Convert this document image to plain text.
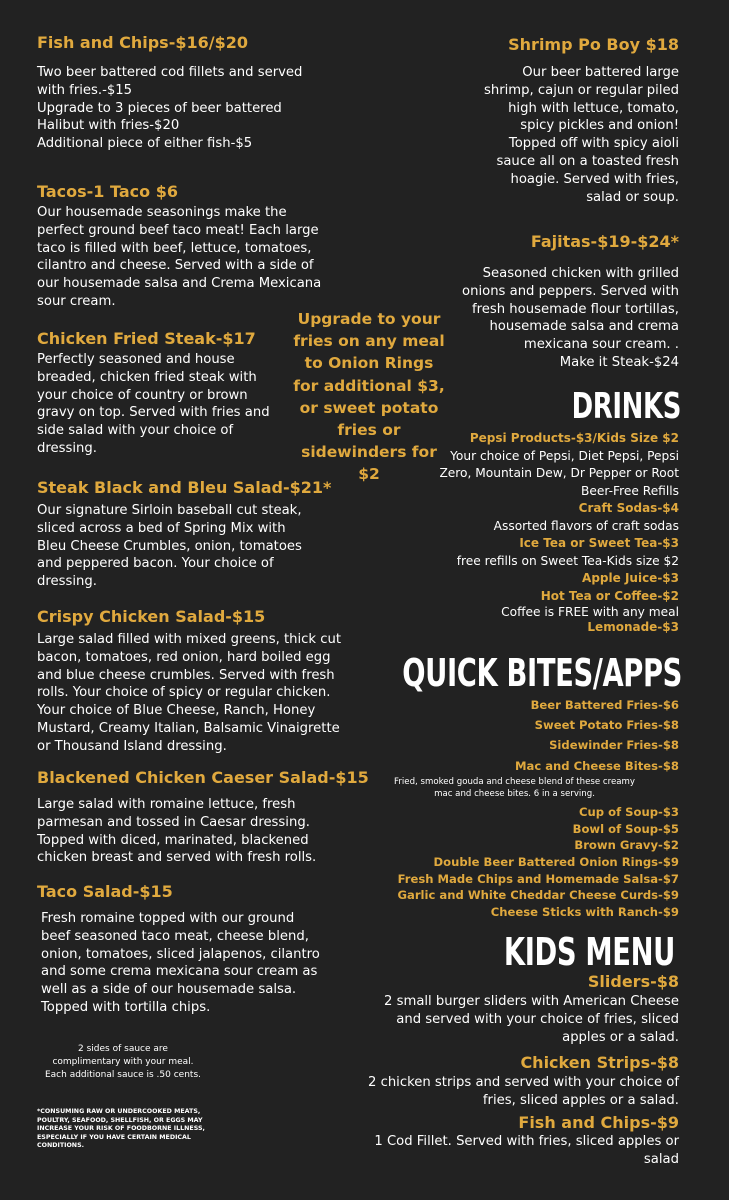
Fish and Chips-$16/$20
Two beer battered cod fillets and served
with fries.-$15
Upgrade to 3 pieces of beer battered
Halibut with fries-$20
Additional piece of either fish-$5
Tacos-1 Taco $6
Our housemade seasonings make the
perfect ground beef taco meat! Each large
taco is filled with beef, lettuce, tomatoes,
cilantro and cheese. Served with a side of
our housemade salsa and Crema Mexicana
sour cream.
Chicken Fried Steak-$17
Perfectly seasoned and house
breaded, chicken fried steak with
your choice of country or brown
gravy on top. Served with fries and
side salad with your choice of
dressing.
Steak Black and Bleu Salad-$21*
Our signature Sirloin baseball cut steak,
sliced across a bed of Spring Mix with
Bleu Cheese Crumbles, onion, tomatoes
and peppered bacon. Your choice of
dressing.
Crispy Chicken Salad-$15
Large salad filled with mixed greens, thick cut
bacon, tomatoes, red onion, hard boiled egg
and blue cheese crumbles. Served with fresh
rolls. Your choice of spicy or regular chicken.
Your choice of Blue Cheese, Ranch, Honey
Mustard, Creamy Italian, Balsamic Vinaigrette
or Thousand Island dressing.
Blackened Chicken Caeser Salad-$15
Large salad with romaine lettuce, fresh
parmesan and tossed in Caesar dressing.
Topped with diced, marinated, blackened
chicken breast and served with fresh rolls.
Taco Salad-$15
Fresh romaine topped with our ground
beef seasoned taco meat, cheese blend,
onion, tomatoes, sliced jalapenos, cilantro
and some crema mexicana sour cream as
well as a side of our housemade salsa.
Topped with tortilla chips.
2 sides of sauce are
complimentary with your meal.
Each additional sauce is .50 cents.
*CONSUMING RAW OR UNDERCOOKED MEATS,
POULTRY, SEAFOOD, SHELLFISH, OR EGGS MAY
INCREASE YOUR RISK OF FOODBORNE ILLNESS,
ESPECIALLY IF YOU HAVE CERTAIN MEDICAL
CONDITIONS.
Upgrade to your
fries on any meal
to Onion Rings
for additional $3,
or sweet potato
fries or
sidewinders for
$2
Shrimp Po Boy $18
Our beer battered large
shrimp, cajun or regular piled
high with lettuce, tomato,
spicy pickles and onion!
Topped off with spicy aioli
sauce all on a toasted fresh
hoagie. Served with fries,
salad or soup.
Fajitas-$19-$24*
Seasoned chicken with grilled
onions and peppers. Served with
fresh housemade flour tortillas,
housemade salsa and crema
mexicana sour cream. .
Make it Steak-$24
DRINKS
Pepsi Products-$3/Kids Size $2
Your choice of Pepsi, Diet Pepsi, Pepsi
Zero, Mountain Dew, Dr Pepper or Root
Beer-Free Refills
Craft Sodas-$4
Assorted flavors of craft sodas
Ice Tea or Sweet Tea-$3
free refills on Sweet Tea-Kids size $2
Apple Juice-$3
Hot Tea or Coffee-$2
Coffee is FREE with any meal
Lemonade-$3
QUICK BITES/APPS
Beer Battered Fries-$6
Sweet Potato Fries-$8
Sidewinder Fries-$8
Mac and Cheese Bites-$8
Fried, smoked gouda and cheese blend of these creamy
mac and cheese bites. 6 in a serving.
Cup of Soup-$3
Bowl of Soup-$5
Brown Gravy-$2
Double Beer Battered Onion Rings-$9
Fresh Made Chips and Homemade Salsa-$7
Garlic and White Cheddar Cheese Curds-$9
Cheese Sticks with Ranch-$9
KIDS MENU
Sliders-$8
2 small burger sliders with American Cheese
and served with your choice of fries, sliced
apples or a salad.
Chicken Strips-$8
2 chicken strips and served with your choice of
fries, sliced apples or a salad.
Fish and Chips-$9
1 Cod Fillet. Served with fries, sliced apples or
salad
